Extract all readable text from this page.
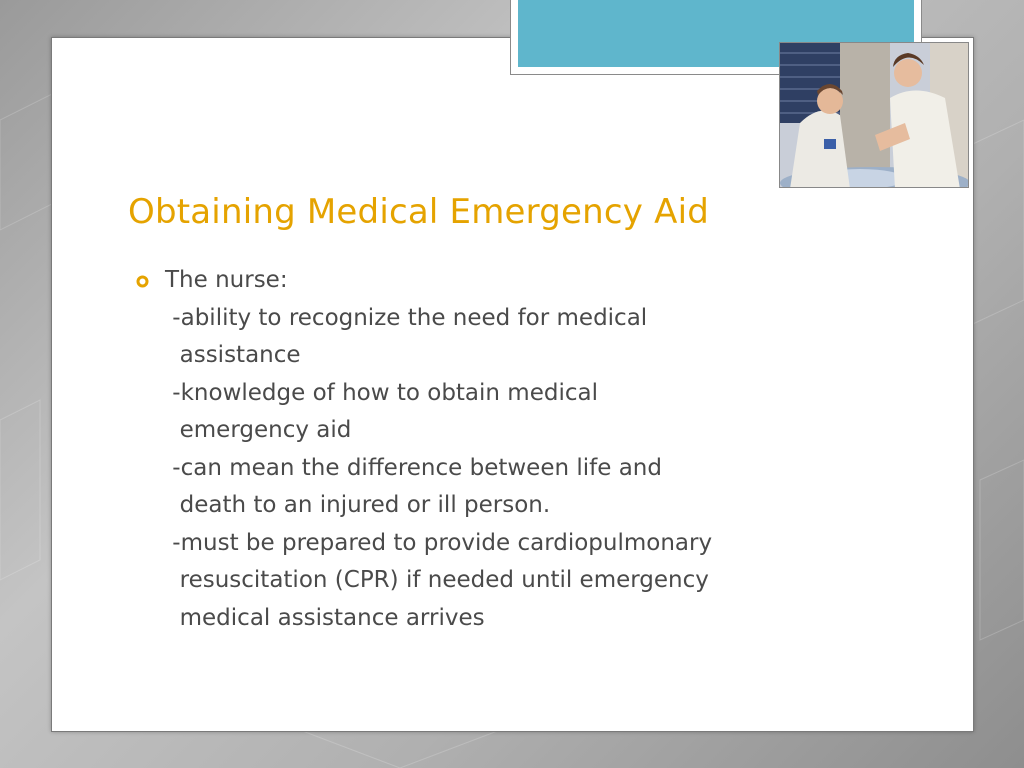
Obtaining Medical Emergency Aid
The nurse:
-ability to recognize the need for medical
assistance
-knowledge of how to obtain medical
emergency aid
-can mean the difference between life and
death to an injured or ill person.
-must be prepared to provide cardiopulmonary
resuscitation (CPR) if needed until emergency
medical assistance arrives
